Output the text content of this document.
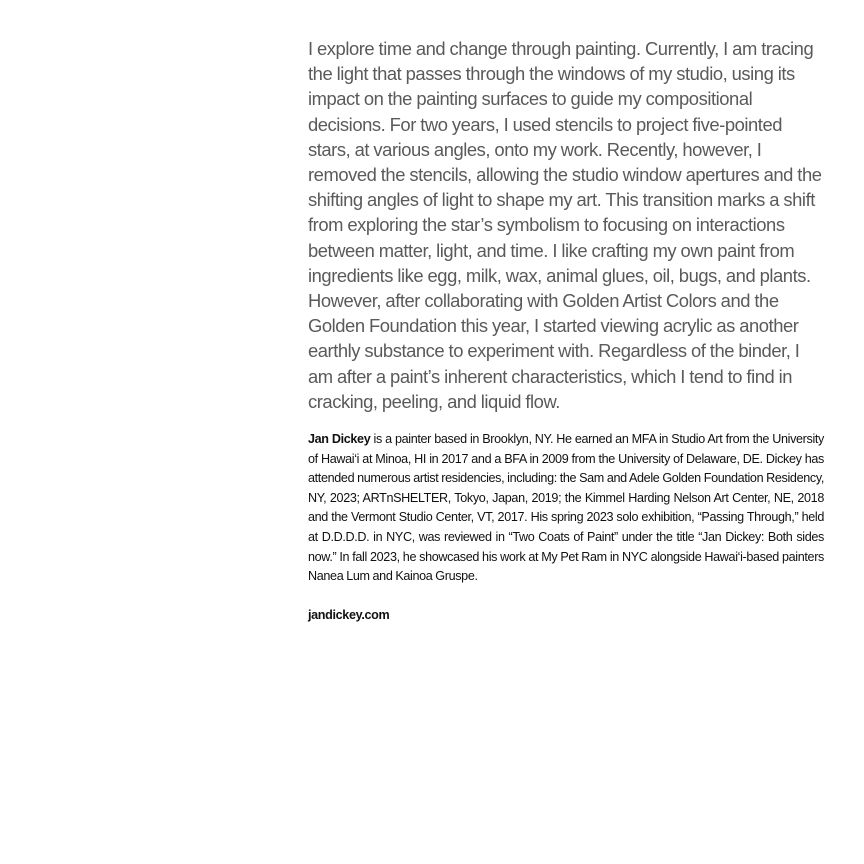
I explore time and change through painting. Currently, I am tracing the light that passes through the windows of my studio, using its impact on the painting surfaces to guide my compositional decisions. For two years, I used stencils to project five-pointed stars, at various angles, onto my work. Recently, however, I removed the stencils, allowing the studio window apertures and the shifting angles of light to shape my art. This transition marks a shift from exploring the star’s symbolism to focusing on interactions between matter, light, and time. I like crafting my own paint from ingredients like egg, milk, wax, animal glues, oil, bugs, and plants. However, after collaborating with Golden Artist Colors and the Golden Foundation this year, I started viewing acrylic as another earthly substance to experiment with. Regardless of the binder, I am after a paint’s inherent characteristics, which I tend to find in cracking, peeling, and liquid flow.

Jan Dickey is a painter based in Brooklyn, NY. He earned an MFA in Studio Art from the University of Hawai‘i at Minoa, HI in 2017 and a BFA in 2009 from the University of Delaware, DE. Dickey has attended numerous artist residencies, including: the Sam and Adele Golden Foundation Residency, NY, 2023; ARTnSHELTER, Tokyo, Japan, 2019; the Kimmel Harding Nelson Art Center, NE, 2018 and the Vermont Studio Center, VT, 2017. His spring 2023 solo exhibition, “Passing Through,” held at D.D.D.D. in NYC, was reviewed in “Two Coats of Paint” under the title “Jan Dickey: Both sides now.” In fall 2023, he showcased his work at My Pet Ram in NYC alongside Hawai‘i-based painters Nanea Lum and Kainoa Gruspe.

jandickey.com
